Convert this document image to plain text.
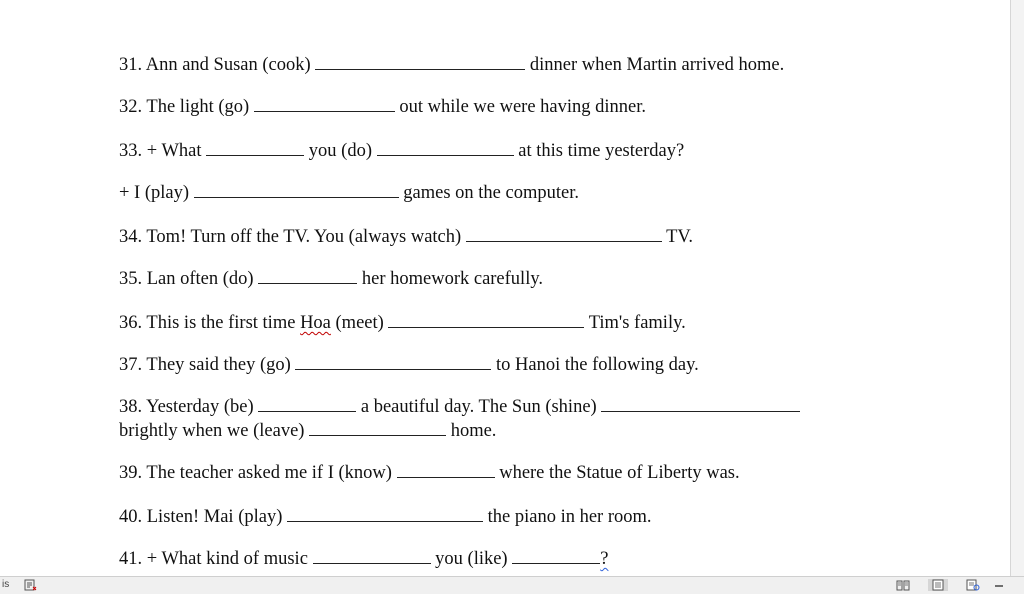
31. Ann and Susan (cook)	dinner when Martin arrived home.
32. The light (go)	out while we were having dinner.
33. + What	you (do)	at this time yesterday?
+ I (play)	games on the computer.
34. Tom! Turn off the TV. You (always watch)	TV.
35. Lan often (do)	her homework carefully.
36. This is the first time Hoa (meet)	Tim's family.
37. They said they (go)	to Hanoi the following day.
38. Yesterday (be)	a beautiful day. The Sun (shine)
brightly when we (leave)	home.
39. The teacher asked me if I (know)	where the Statue of Liberty was.
40. Listen! Mai (play)	the piano in her room.
41. + What kind of music	you (like)	?
is
